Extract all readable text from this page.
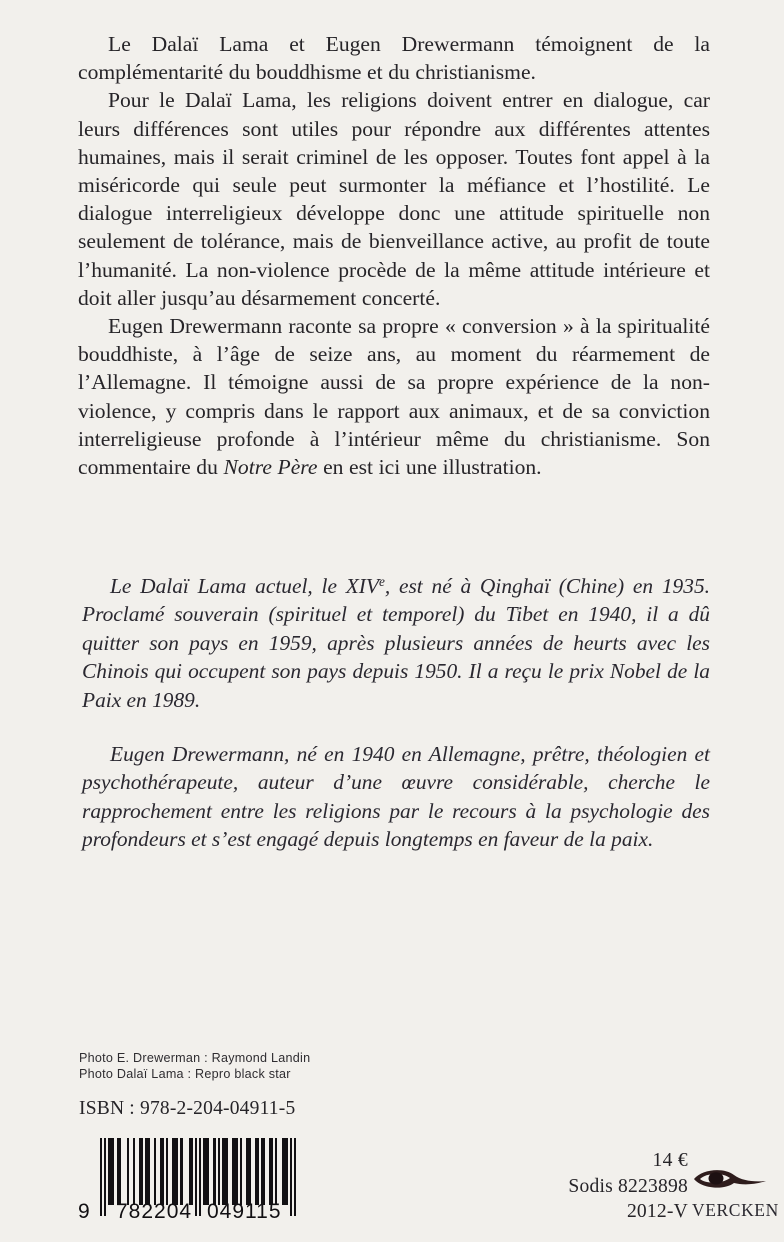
Le Dalaï Lama et Eugen Drewermann témoignent de la complémentarité du bouddhisme et du christianisme.

Pour le Dalaï Lama, les religions doivent entrer en dialogue, car leurs différences sont utiles pour répondre aux différentes attentes humaines, mais il serait criminel de les opposer. Toutes font appel à la miséricorde qui seule peut surmonter la méfiance et l’hostilité. Le dialogue interreligieux développe donc une attitude spirituelle non seulement de tolérance, mais de bienveillance active, au profit de toute l’humanité. La non-violence procède de la même attitude intérieure et doit aller jusqu’au désarmement concerté.

Eugen Drewermann raconte sa propre « conversion » à la spiritualité bouddhiste, à l’âge de seize ans, au moment du réarmement de l’Allemagne. Il témoigne aussi de sa propre expérience de la non-violence, y compris dans le rapport aux animaux, et de sa conviction interreligieuse profonde à l’intérieur même du christianisme. Son commentaire du Notre Père en est ici une illustration.

Le Dalaï Lama actuel, le XIVe, est né à Qinghaï (Chine) en 1935. Proclamé souverain (spirituel et temporel) du Tibet en 1940, il a dû quitter son pays en 1959, après plusieurs années de heurts avec les Chinois qui occupent son pays depuis 1950. Il a reçu le prix Nobel de la Paix en 1989.

Eugen Drewermann, né en 1940 en Allemagne, prêtre, théologien et psychothérapeute, auteur d’une œuvre considérable, cherche le rapprochement entre les religions par le recours à la psychologie des profondeurs et s’est engagé depuis longtemps en faveur de la paix.

Photo E. Drewerman : Raymond Landin
Photo Dalaï Lama : Repro black star
ISBN : 978-2-204-04911-5
9 782204 049115
14 €
Sodis 8223898
2012-V VERCKEN
